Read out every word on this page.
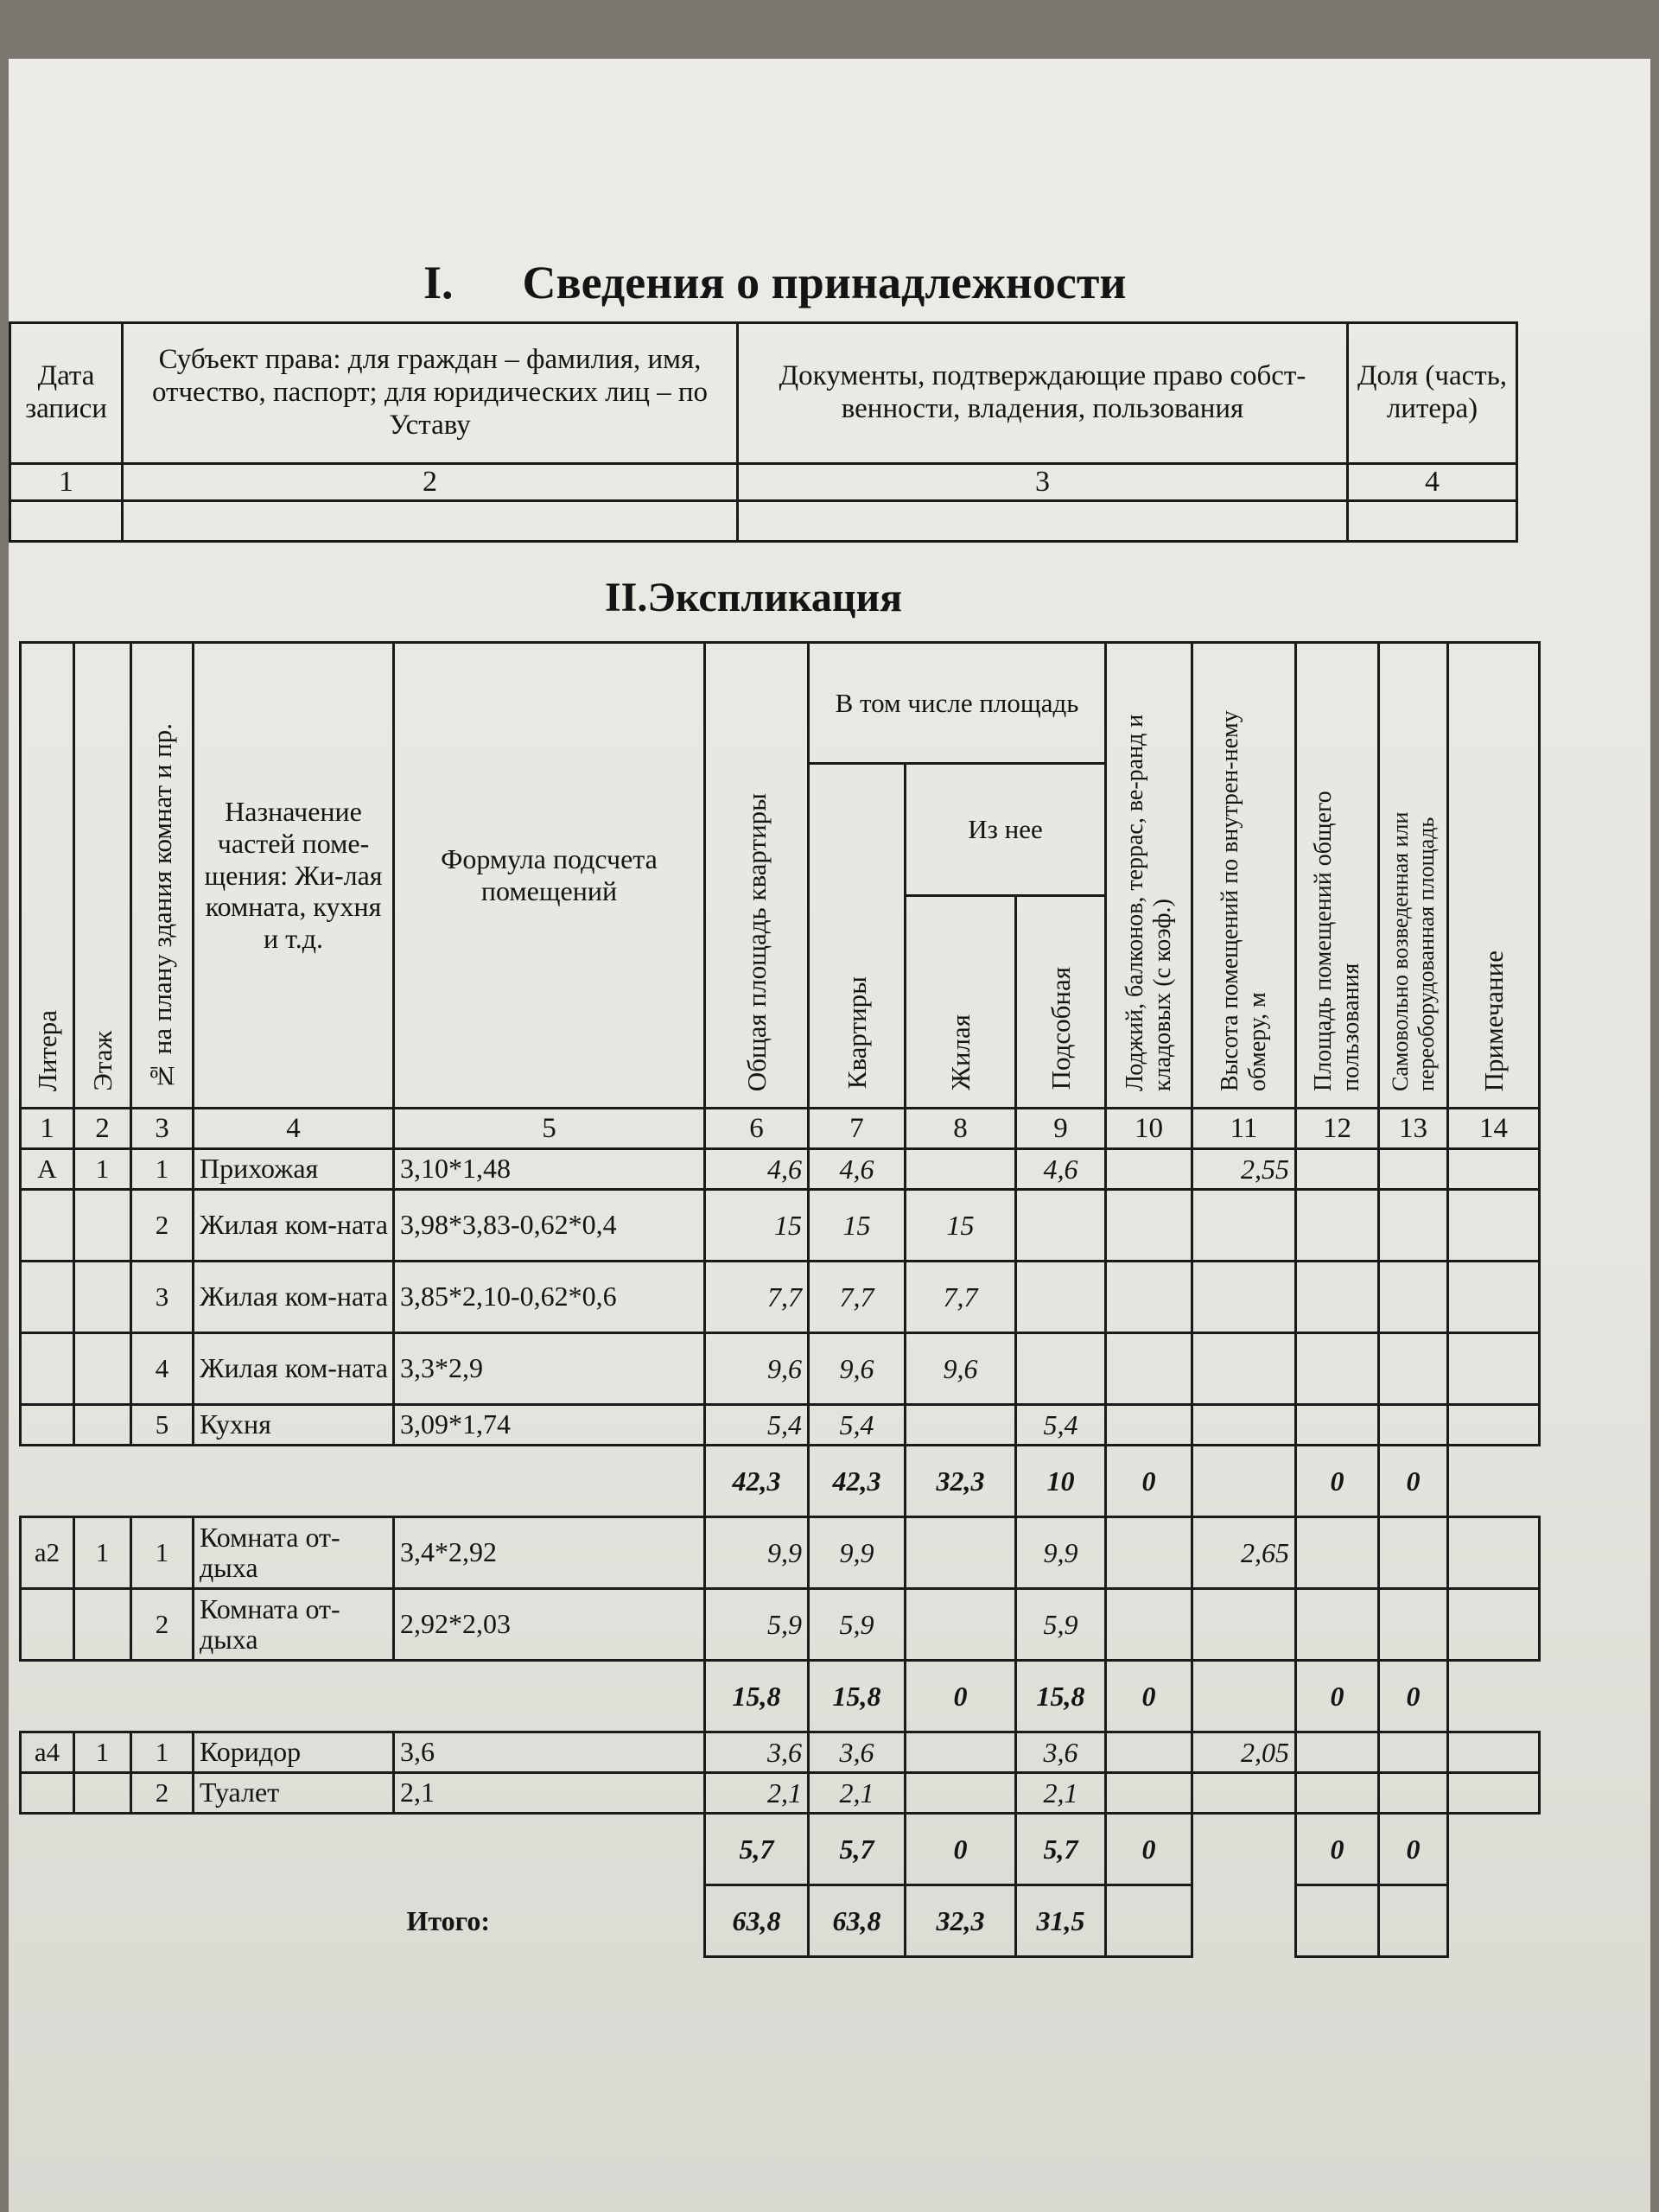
I. Сведения о принадлежности
Дата записи	Субъект права: для граждан – фамилия, имя, отчество, паспорт; для юридических лиц – по Уставу	Документы, подтверждающие право собст-венности, владения, пользования	Доля (часть, литера)
1	2	3	4

II.Экспликация
Литера	Этаж	№ на плану здания комнат и пр.	Назначение частей поме-щения: Жи-лая комната, кухня и т.д.	Формула подсчета помещений	Общая площадь квартиры	В том числе площадь			Лоджий, балконов, террас, ве-ранд и кладовых (с коэф.)	Высота помещений по внутрен-нему обмеру, м	Площадь помещений общего пользования	Самовольно возведенная или переоборудованная площадь	Примечание

						Квартиры	Из нее						

							Жилая	Подсобная					

1	2	3	4	5	6	7	8	9	10	11	12	13	14
А	1	1	Прихожая	3,10*1,48	4,6	4,6		4,6		2,55			
		2	Жилая ком-ната	3,98*3,83-0,62*0,4	15	15	15						
		3	Жилая ком-ната	3,85*2,10-0,62*0,6	7,7	7,7	7,7						
		4	Жилая ком-ната	3,3*2,9	9,6	9,6	9,6						
		5	Кухня	3,09*1,74	5,4	5,4		5,4					
					42,3	42,3	32,3	10	0		0	0	
а2	1	1	Комната от-дыха	3,4*2,92	9,9	9,9		9,9		2,65			
		2	Комната от-дыха	2,92*2,03	5,9	5,9		5,9					
					15,8	15,8	0	15,8	0		0	0	
а4	1	1	Коридор	3,6	3,6	3,6		3,6		2,05			
		2	Туалет	2,1	2,1	2,1		2,1					
					5,7	5,7	0	5,7	0		0	0	
			Итого:		63,8	63,8	32,3	31,5					
